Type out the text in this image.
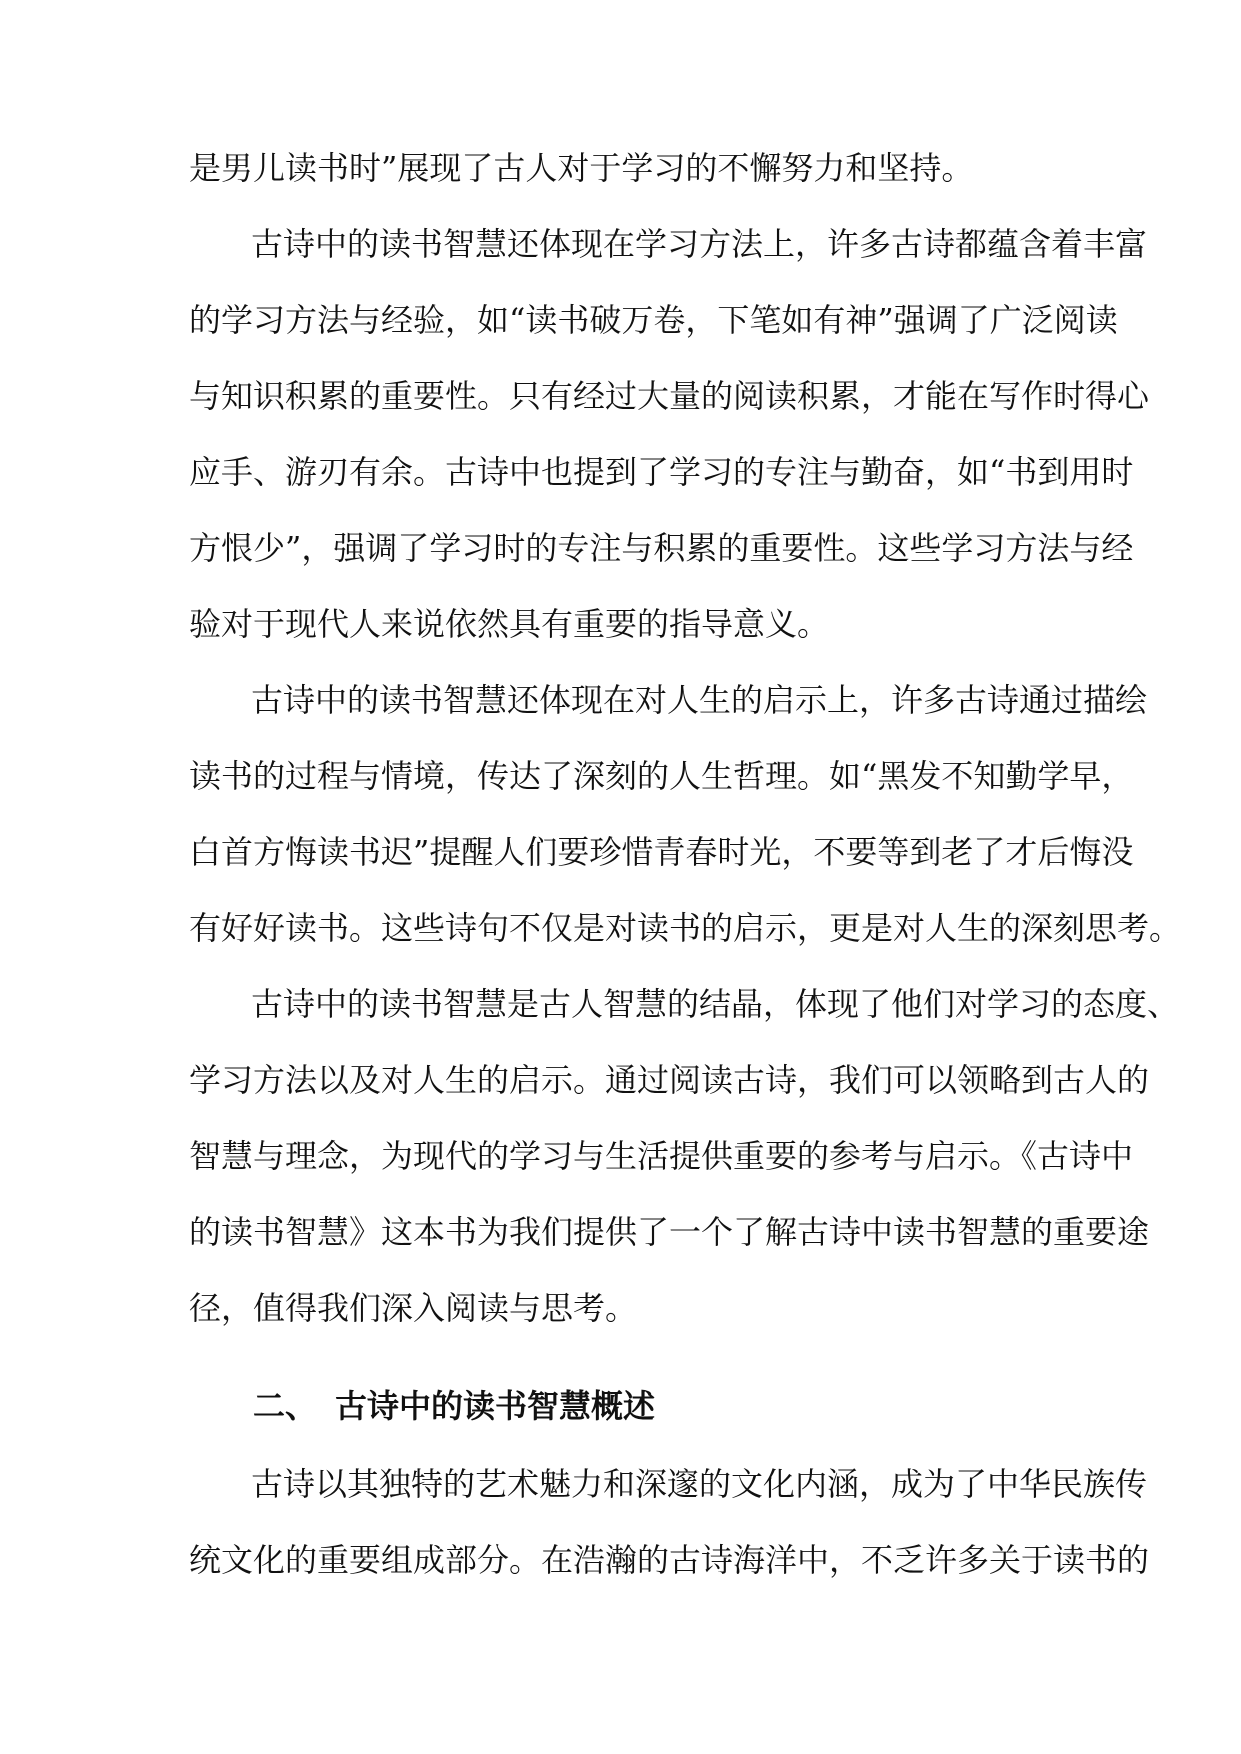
是男儿读书时”展现了古人对于学习的不懈努力和坚持。

古诗中的读书智慧还体现在学习方法上，许多古诗都蕴含着丰富
的学习方法与经验，如“读书破万卷，下笔如有神”强调了广泛阅读
与知识积累的重要性。只有经过大量的阅读积累，才能在写作时得心
应手、游刃有余。古诗中也提到了学习的专注与勤奋，如“书到用时
方恨少”，强调了学习时的专注与积累的重要性。这些学习方法与经
验对于现代人来说依然具有重要的指导意义。

古诗中的读书智慧还体现在对人生的启示上，许多古诗通过描绘
读书的过程与情境，传达了深刻的人生哲理。如“黑发不知勤学早，
白首方悔读书迟”提醒人们要珍惜青春时光，不要等到老了才后悔没
有好好读书。这些诗句不仅是对读书的启示，更是对人生的深刻思考。

古诗中的读书智慧是古人智慧的结晶，体现了他们对学习的态度、
学习方法以及对人生的启示。通过阅读古诗，我们可以领略到古人的
智慧与理念，为现代的学习与生活提供重要的参考与启示。《古诗中
的读书智慧》这本书为我们提供了一个了解古诗中读书智慧的重要途
径，值得我们深入阅读与思考。

二、 古诗中的读书智慧概述

古诗以其独特的艺术魅力和深邃的文化内涵，成为了中华民族传
统文化的重要组成部分。在浩瀚的古诗海洋中，不乏许多关于读书的
